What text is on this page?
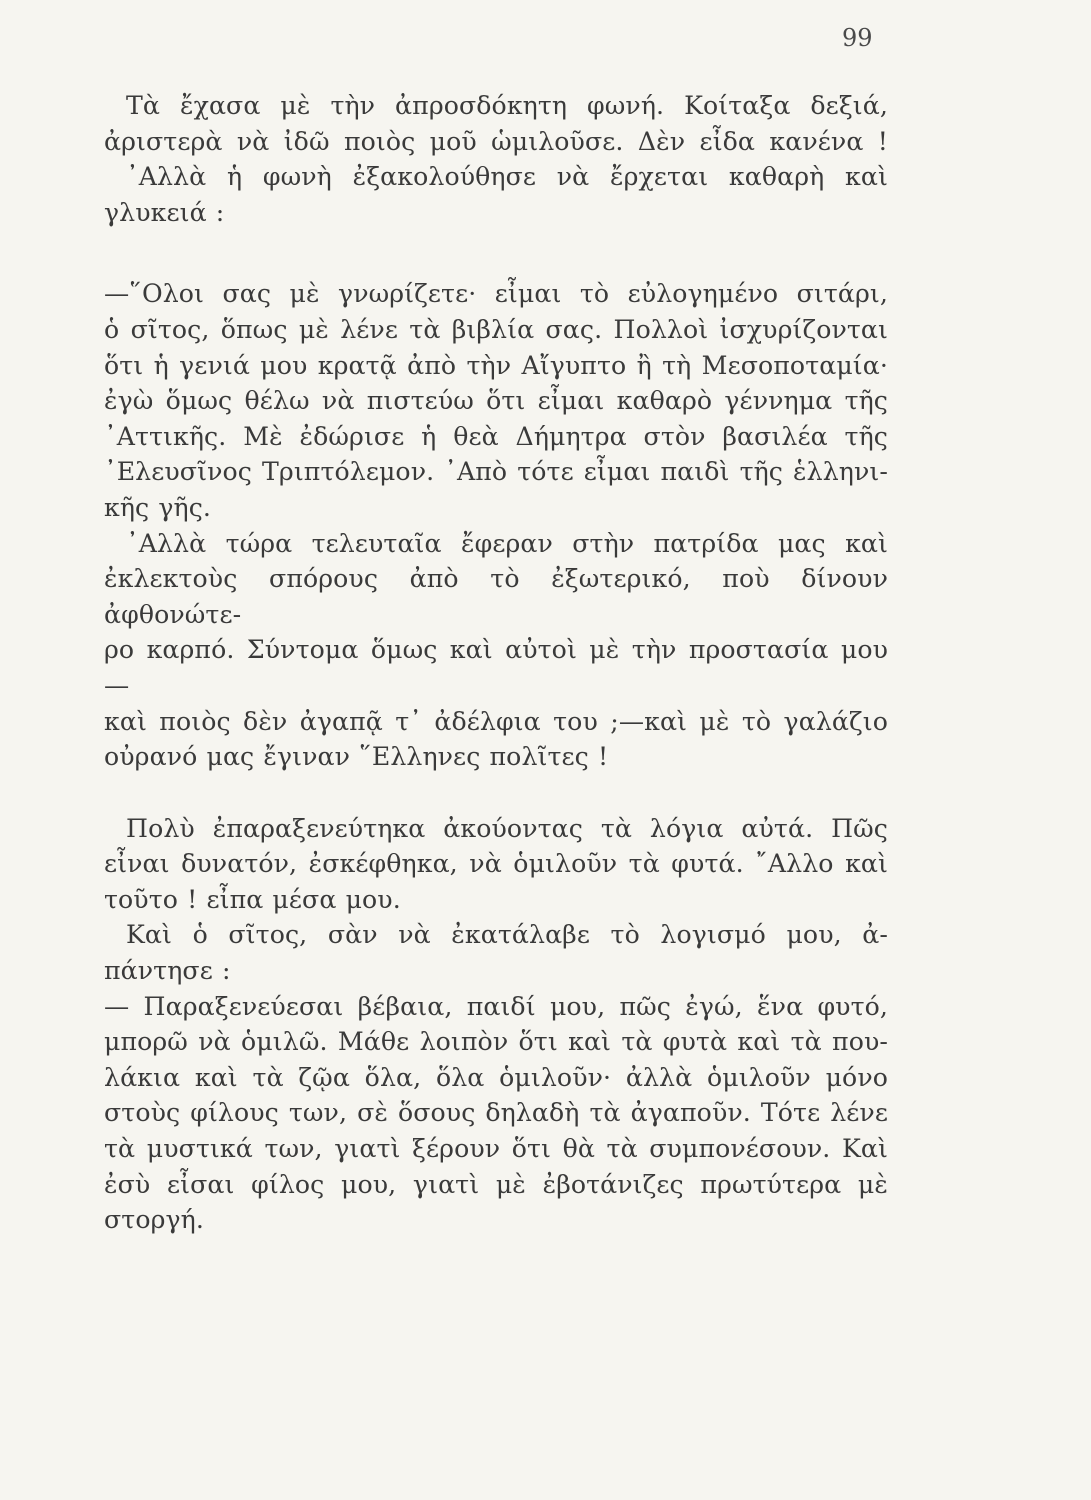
99

Τὰ ἔχασα μὲ τὴν ἀπροσδόκητη φωνή. Κοίταξα δεξιά,
ἀριστερὰ νὰ ἰδῶ ποιὸς μοῦ ὡμιλοῦσε. Δὲν εἶδα κανένα !

᾿Αλλὰ ἡ φωνὴ ἐξακολούθησε νὰ ἔρχεται καθαρὴ καὶ
γλυκειά :

—῞Ολοι σας μὲ γνωρίζετε· εἶμαι τὸ εὐλογημένο σιτάρι,
ὁ σῖτος, ὅπως μὲ λένε τὰ βιβλία σας. Πολλοὶ ἰσχυρίζονται
ὅτι ἡ γενιά μου κρατᾷ ἀπὸ τὴν Αἴγυπτο ἢ τὴ Μεσοποταμία·
ἐγὼ ὅμως θέλω νὰ πιστεύω ὅτι εἶμαι καθαρὸ γέννημα τῆς
᾿Αττικῆς. Μὲ ἐδώρισε ἡ θεὰ Δήμητρα στὸν βασιλέα τῆς
᾿Ελευσῖνος Τριπτόλεμον. ᾿Απὸ τότε εἶμαι παιδὶ τῆς ἑλληνι-
κῆς γῆς.

᾿Αλλὰ τώρα τελευταῖα ἔφεραν στὴν πατρίδα μας καὶ
ἐκλεκτοὺς σπόρους ἀπὸ τὸ ἐξωτερικό, ποὺ δίνουν ἀφθονώτε-
ρο καρπό. Σύντομα ὅμως καὶ αὐτοὶ μὲ τὴν προστασία μου —
καὶ ποιὸς δὲν ἀγαπᾷ τ᾿ ἀδέλφια του ;—καὶ μὲ τὸ γαλάζιο
οὐρανό μας ἔγιναν ῞Ελληνες πολῖτες !

Πολὺ ἐπαραξενεύτηκα ἀκούοντας τὰ λόγια αὐτά. Πῶς
εἶναι δυνατόν, ἐσκέφθηκα, νὰ ὁμιλοῦν τὰ φυτά. ῎Αλλο καὶ
τοῦτο ! εἶπα μέσα μου.

Καὶ ὁ σῖτος, σὰν νὰ ἐκατάλαβε τὸ λογισμό μου, ἀ-
πάντησε :

— Παραξενεύεσαι βέβαια, παιδί μου, πῶς ἐγώ, ἕνα φυτό,
μπορῶ νὰ ὁμιλῶ. Μάθε λοιπὸν ὅτι καὶ τὰ φυτὰ καὶ τὰ που-
λάκια καὶ τὰ ζῷα ὅλα, ὅλα ὁμιλοῦν· ἀλλὰ ὁμιλοῦν μόνο
στοὺς φίλους των, σὲ ὅσους δηλαδὴ τὰ ἀγαποῦν. Τότε λένε
τὰ μυστικά των, γιατὶ ξέρουν ὅτι θὰ τὰ συμπονέσουν. Καὶ
ἐσὺ εἶσαι φίλος μου, γιατὶ μὲ ἐβοτάνιζες πρωτύτερα μὲ
στοργή.
